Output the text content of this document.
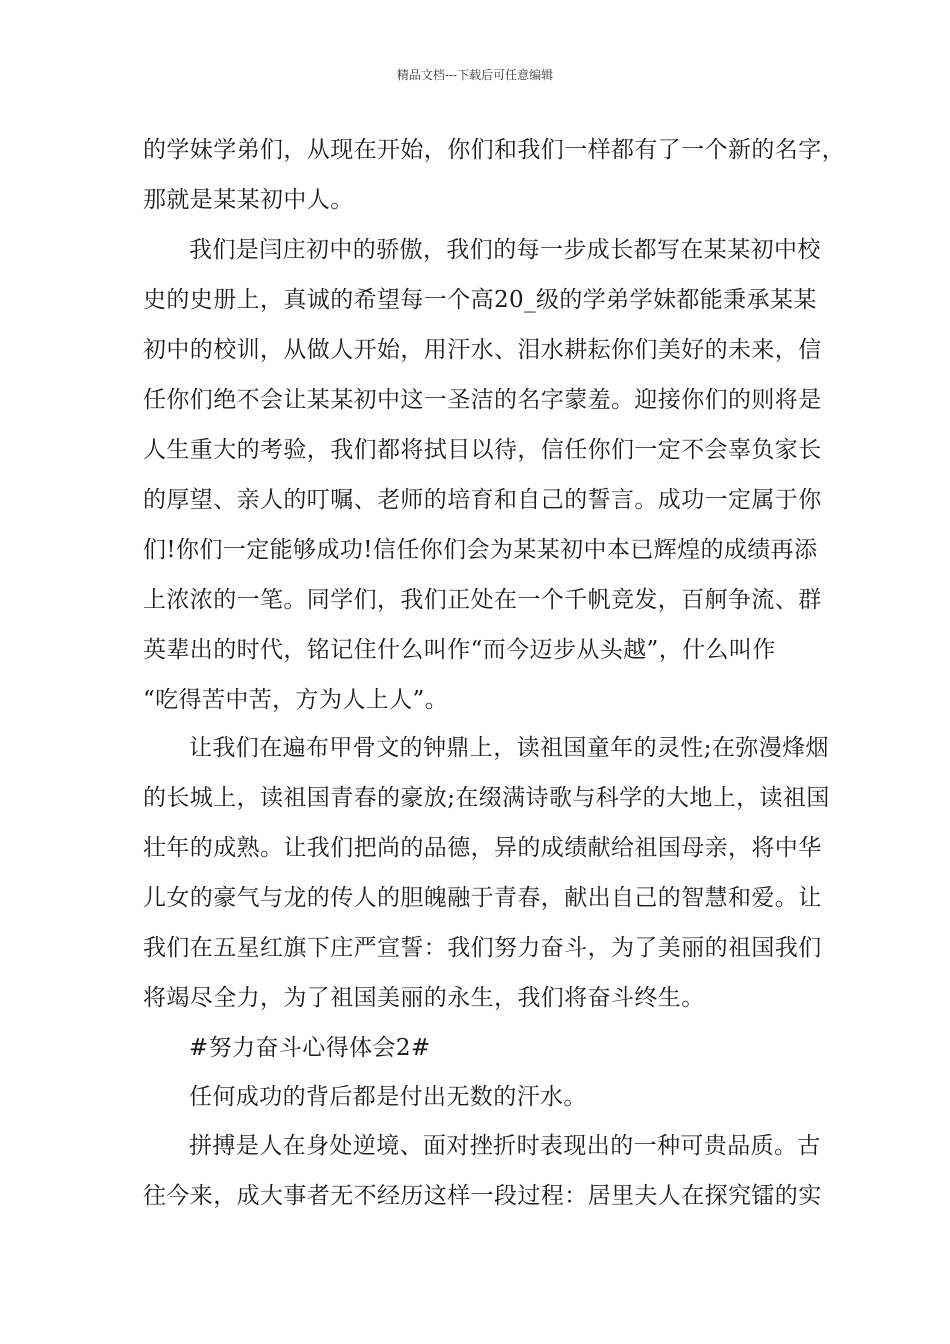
精品文档---下载后可任意编辑
的学妹学弟们，从现在开始，你们和我们一样都有了一个新的名字，
那就是某某初中人。
我们是闫庄初中的骄傲，我们的每一步成长都写在某某初中校
史的史册上，真诚的希望每一个高20_级的学弟学妹都能秉承某某
初中的校训，从做人开始，用汗水、泪水耕耘你们美好的未来，信
任你们绝不会让某某初中这一圣洁的名字蒙羞。迎接你们的则将是
人生重大的考验，我们都将拭目以待，信任你们一定不会辜负家长
的厚望、亲人的叮嘱、老师的培育和自己的誓言。成功一定属于你
们!你们一定能够成功!信任你们会为某某初中本已辉煌的成绩再添
上浓浓的一笔。同学们，我们正处在一个千帆竞发，百舸争流、群
英辈出的时代，铭记住什么叫作“而今迈步从头越”，什么叫作
“吃得苦中苦，方为人上人”。
让我们在遍布甲骨文的钟鼎上，读祖国童年的灵性;在弥漫烽烟
的长城上，读祖国青春的豪放;在缀满诗歌与科学的大地上，读祖国
壮年的成熟。让我们把尚的品德，异的成绩献给祖国母亲，将中华
儿女的豪气与龙的传人的胆魄融于青春，献出自己的智慧和爱。让
我们在五星红旗下庄严宣誓：我们努力奋斗，为了美丽的祖国我们
将竭尽全力，为了祖国美丽的永生，我们将奋斗终生。
#努力奋斗心得体会2#
任何成功的背后都是付出无数的汗水。
拼搏是人在身处逆境、面对挫折时表现出的一种可贵品质。古
往今来，成大事者无不经历这样一段过程：居里夫人在探究镭的实
